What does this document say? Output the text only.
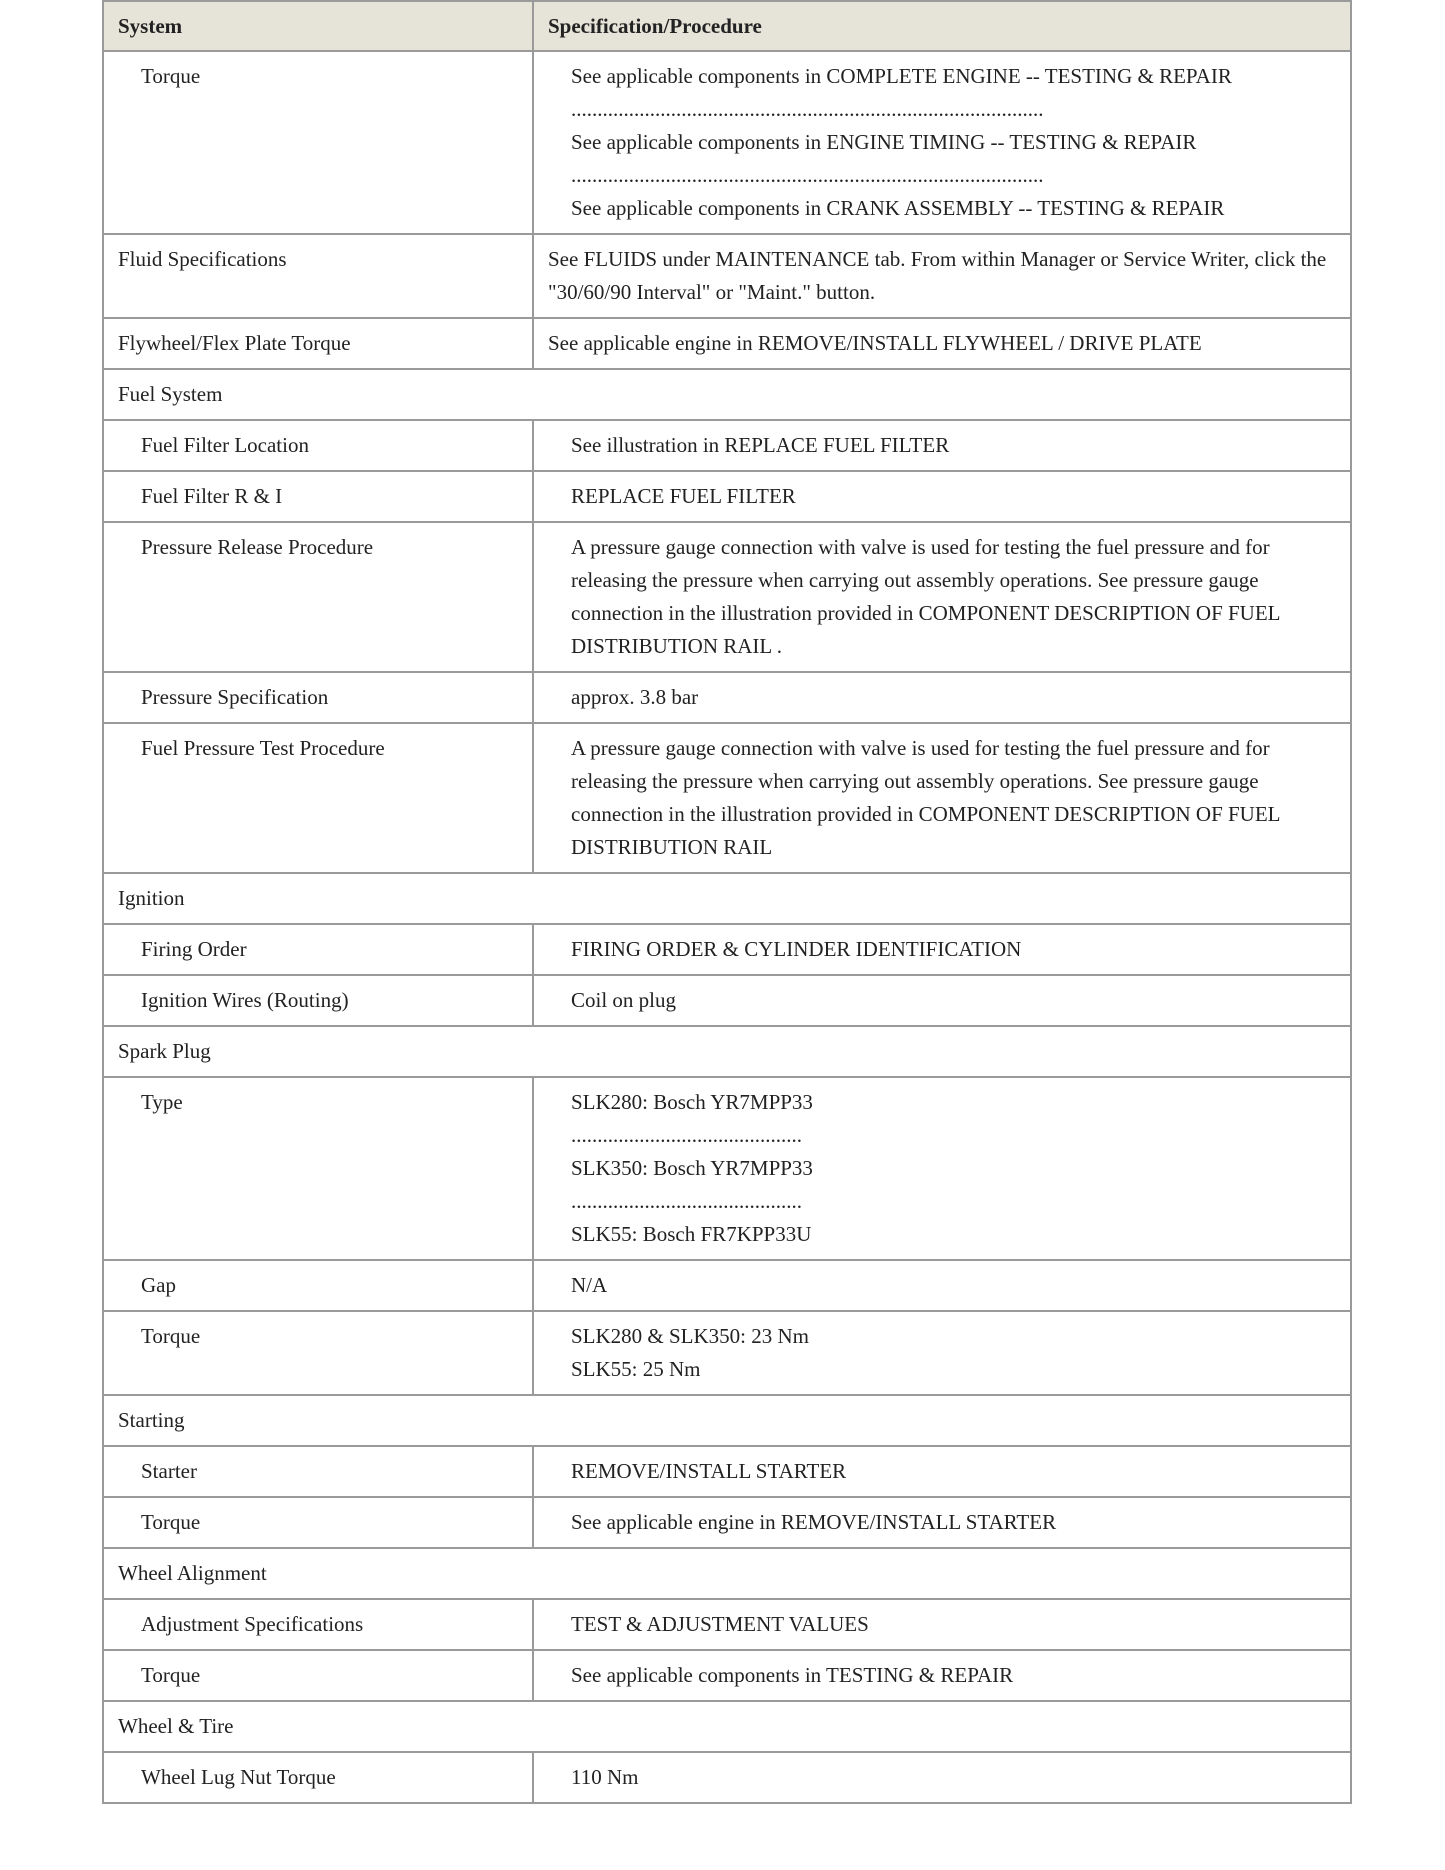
System	Specification/Procedure

Torque	See applicable components in COMPLETE ENGINE -- TESTING & REPAIR
..........................................................................................
See applicable components in ENGINE TIMING -- TESTING & REPAIR
..........................................................................................
See applicable components in CRANK ASSEMBLY -- TESTING & REPAIR

Fluid Specifications	See FLUIDS under MAINTENANCE tab. From within Manager or Service Writer, click the "30/60/90 Interval" or "Maint." button.

Flywheel/Flex Plate Torque	See applicable engine in REMOVE/INSTALL FLYWHEEL / DRIVE PLATE

Fuel System	

Fuel Filter Location	See illustration in REPLACE FUEL FILTER

Fuel Filter R & I	REPLACE FUEL FILTER

Pressure Release Procedure	A pressure gauge connection with valve is used for testing the fuel pressure and for releasing the pressure when carrying out assembly operations. See pressure gauge connection in the illustration provided in COMPONENT DESCRIPTION OF FUEL DISTRIBUTION RAIL .

Pressure Specification	approx. 3.8 bar

Fuel Pressure Test Procedure	A pressure gauge connection with valve is used for testing the fuel pressure and for releasing the pressure when carrying out assembly operations. See pressure gauge connection in the illustration provided in COMPONENT DESCRIPTION OF FUEL DISTRIBUTION RAIL

Ignition	

Firing Order	FIRING ORDER & CYLINDER IDENTIFICATION

Ignition Wires (Routing)	Coil on plug

Spark Plug	

Type	SLK280: Bosch YR7MPP33
............................................
SLK350: Bosch YR7MPP33
............................................
SLK55: Bosch FR7KPP33U

Gap	N/A

Torque	SLK280 & SLK350: 23 Nm
SLK55: 25 Nm

Starting	

Starter	REMOVE/INSTALL STARTER

Torque	See applicable engine in REMOVE/INSTALL STARTER

Wheel Alignment	

Adjustment Specifications	TEST & ADJUSTMENT VALUES

Torque	See applicable components in TESTING & REPAIR

Wheel & Tire	

Wheel Lug Nut Torque	110 Nm
